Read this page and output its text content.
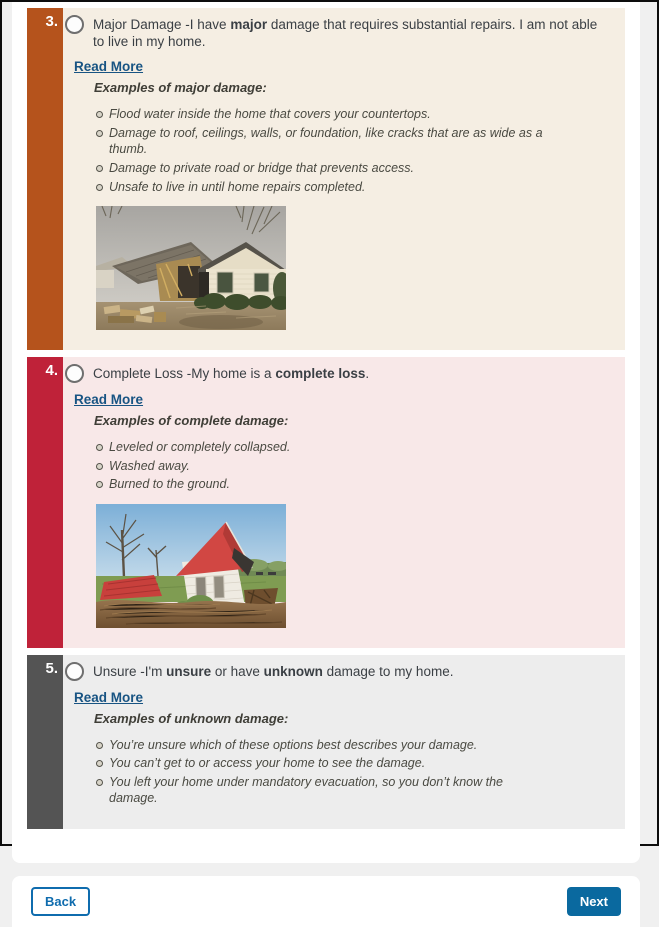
3.	Major Damage -I have major damage that requires substantial repairs. I am not able to live in my home.
Read More
Examples of major damage:
Flood water inside the home that covers your countertops.
Damage to roof, ceilings, walls, or foundation, like cracks that are as wide as a thumb.
Damage to private road or bridge that prevents access.
Unsafe to live in until home repairs completed.
4.	Complete Loss -My home is a complete loss.
Read More
Examples of complete damage:
Leveled or completely collapsed.
Washed away.
Burned to the ground.
5.	Unsure -I'm unsure or have unknown damage to my home.
Read More
Examples of unknown damage:
You’re unsure which of these options best describes your damage.
You can’t get to or access your home to see the damage.
You left your home under mandatory evacuation, so you don’t know the damage.
Back	Next
